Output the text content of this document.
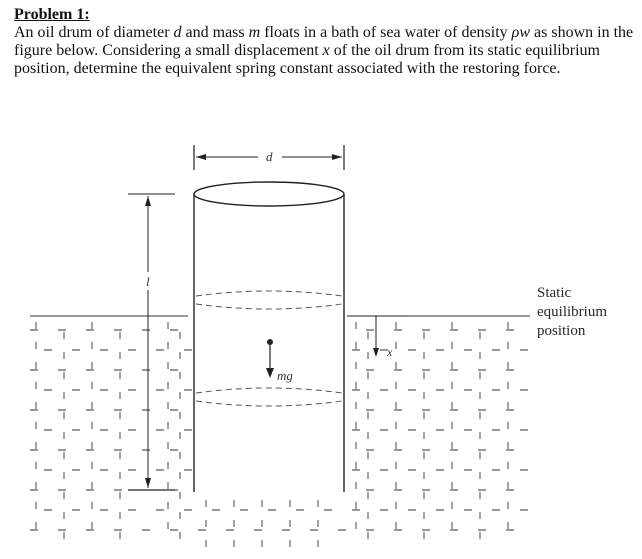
Problem 1:
An oil drum of diameter d and mass m floats in a bath of sea water of density ρw as shown in the figure below. Considering a small displacement x of the oil drum from its static equilibrium position, determine the equivalent spring constant associated with the restoring force.
d
l
mg
x
Static
equilibrium
position
